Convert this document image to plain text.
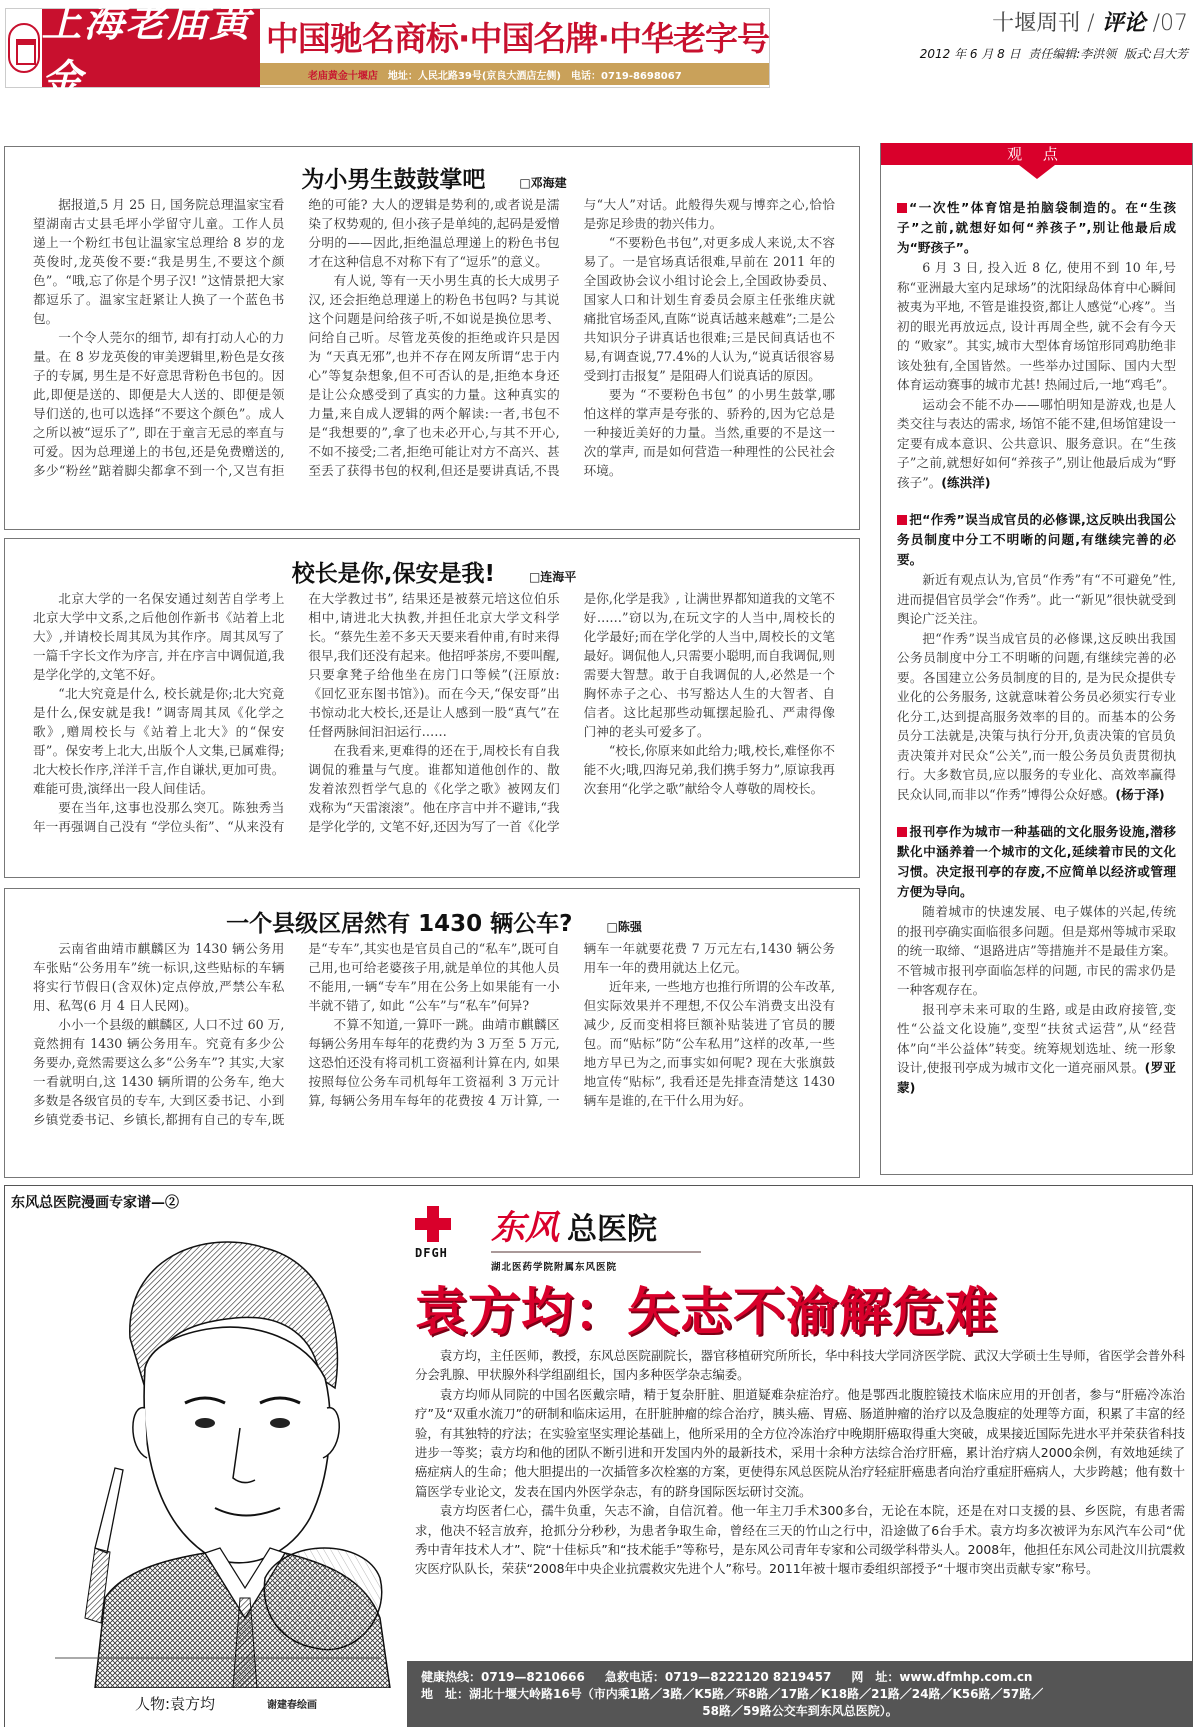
上海老庙黄金
中国驰名商标·中国名牌·中华老字号
老庙黄金十堰店 地址：人民北路39号(京良大酒店左侧) 电话：0719-8698067
十堰周刊 / 评论 /07
2012 年 6 月 8 日 责任编辑:李洪领 版式:吕大芳
为小男生鼓鼓掌吧	□ 邓海建

据报道,5 月 25 日, 国务院总理温家宝看望湖南古丈县毛坪小学留守儿童。工作人员递上一个粉红书包让温家宝总理给 8 岁的龙英俊时,龙英俊不要:“我是男生,不要这个颜色”。“哦,忘了你是个男子汉! ”这情景把大家都逗乐了。温家宝赶紧让人换了一个蓝色书包。

一个令人莞尔的细节, 却有打动人心的力量。在 8 岁龙英俊的审美逻辑里,粉色是女孩子的专属, 男生是不好意思背粉色书包的。因此,即便是送的、即便是大人送的、即便是领导们送的,也可以选择“不要这个颜色”。成人之所以被“逗乐了”, 即在于童言无忌的率直与可爱。因为总理递上的书包,还是免费赠送的,多少“粉丝”踮着脚尖都拿不到一个,又岂有拒绝的可能? 大人的逻辑是势利的,或者说是濡染了权势观的, 但小孩子是单纯的,起码是爱憎分明的——因此,拒绝温总理递上的粉色书包才在这种信息不对称下有了“逗乐”的意义。

有人说, 等有一天小男生真的长大成男子汉, 还会拒绝总理递上的粉色书包吗? 与其说这个问题是问给孩子听,不如说是换位思考、问给自己听。尽管龙英俊的拒绝或许只是因为 “天真无邪”,也并不存在网友所谓“忠于内心”等复杂想象,但不可否认的是,拒绝本身还是让公众感受到了真实的力量。这种真实的力量,来自成人逻辑的两个解读:一者,书包不是“我想要的”,拿了也未必开心,与其不开心,不如不接受;二者,拒绝可能让对方不高兴、甚至丢了获得书包的权利,但还是要讲真话,不畏与“大人”对话。此般得失观与博弈之心,恰恰是弥足珍贵的勃兴伟力。

“不要粉色书包”,对更多成人来说,太不容易了。一是官场真话很难,早前在 2011 年的全国政协会议小组讨论会上,全国政协委员、国家人口和计划生育委员会原主任张维庆就痛批官场歪风,直陈“说真话越来越难”;二是公共知识分子讲真话也很难;三是民间真话也不易,有调查说,77.4%的人认为,“说真话很容易受到打击报复” 是阻碍人们说真话的原因。

要为 “不要粉色书包” 的小男生鼓掌,哪怕这样的掌声是夸张的、骄矜的,因为它总是一种接近美好的力量。当然,重要的不是这一次的掌声, 而是如何营造一种理性的公民社会环境。

校长是你,保安是我!	□ 连海平

北京大学的一名保安通过刻苦自学考上北京大学中文系,之后他创作新书《站着上北大》,并请校长周其凤为其作序。周其凤写了一篇千字长文作为序言, 并在序言中调侃道,我是学化学的,文笔不好。

“北大究竟是什么, 校长就是你;北大究竟是什么,保安就是我! ”调寄周其凤《化学之歌》,赠周校长与《站着上北大》的“保安哥”。保安考上北大,出版个人文集,已属难得;北大校长作序,洋洋千言,作自谦状,更加可贵。难能可贵,演绎出一段人间佳话。

要在当年,这事也没那么突兀。陈独秀当年一再强调自己没有 “学位头衔”、“从来没有在大学教过书”, 结果还是被蔡元培这位伯乐相中,请进北大执教,并担任北京大学文科学长。“蔡先生差不多天天要来看仲甫,有时来得很早,我们还没有起来。他招呼茶房,不要叫醒,只要拿凳子给他坐在房门口等候”(汪原放:《回忆亚东图书馆》)。而在今天,“保安哥”出书惊动北大校长,还是让人感到一股“真气”在任督两脉间汩汩运行……

在我看来,更难得的还在于,周校长有自我调侃的雅量与气度。谁都知道他创作的、散发着浓烈哲学气息的《化学之歌》被网友们戏称为“天雷滚滚”。他在序言中并不避讳,“我是学化学的, 文笔不好,还因为写了一首《化学是你,化学是我》, 让满世界都知道我的文笔不好……”窃以为,在玩文字的人当中,周校长的化学最好;而在学化学的人当中,周校长的文笔最好。调侃他人,只需要小聪明,而自我调侃,则需要大智慧。敢于自我调侃的人,必然是一个胸怀赤子之心、书写豁达人生的大智者、自信者。这比起那些动辄摆起脸孔、严肃得像门神的老头可爱多了。

“校长,你原来如此给力;哦,校长,难怪你不能不火;哦,四海兄弟,我们携手努力”,原谅我再次套用“化学之歌”献给令人尊敬的周校长。

一个县级区居然有 1430 辆公车?	□ 陈强

云南省曲靖市麒麟区为 1430 辆公务用车张贴“公务用车”统一标识,这些贴标的车辆将实行节假日(含双休)定点停放,严禁公车私用、私驾(6 月 4 日人民网)。

小小一个县级的麒麟区, 人口不过 60 万,竟然拥有 1430 辆公务用车。究竟有多少公务要办,竟然需要这么多“公务车”? 其实,大家一看就明白,这 1430 辆所谓的公务车, 绝大多数是各级官员的专车, 大到区委书记、小到乡镇党委书记、乡镇长,都拥有自己的专车,既是“专车”,其实也是官员自己的“私车”,既可自己用,也可给老婆孩子用,就是单位的其他人员不能用,一辆“专车”用在公务上如果能有一小半就不错了, 如此 “公车”与“私车”何异?

不算不知道,一算吓一跳。曲靖市麒麟区每辆公务用车每年的花费约为 3 万至 5 万元, 这恐怕还没有将司机工资福利计算在内, 如果按照每位公务车司机每年工资福利 3 万元计算, 每辆公务用车每年的花费按 4 万计算, 一辆车一年就要花费 7 万元左右,1430 辆公务用车一年的费用就达上亿元。

近年来, 一些地方也推行所谓的公车改革,但实际效果并不理想,不仅公车消费支出没有减少, 反而变相将巨额补贴装进了官员的腰包。而“贴标”防“公车私用”这样的改革,一些地方早已为之,而事实如何呢? 现在大张旗鼓地宣传“贴标”, 我看还是先排查清楚这 1430 辆车是谁的,在干什么用为好。

观 点
“一次性”体育馆是拍脑袋制造的。在“生孩子”之前,就想好如何“养孩子”,别让他最后成为“野孩子”。

6 月 3 日, 投入近 8 亿, 使用不到 10 年,号称“亚洲最大室内足球场”的沈阳绿岛体育中心瞬间被夷为平地, 不管是谁投资,都让人感觉“心疼”。当初的眼光再放远点, 设计再周全些, 就不会有今天的 “败家”。其实,城市大型体育场馆形同鸡肋绝非该处独有,全国皆然。一些举办过国际、国内大型体育运动赛事的城市尤甚! 热闹过后,一地“鸡毛”。

运动会不能不办——哪怕明知是游戏,也是人类交往与表达的需求, 场馆不能不建,但场馆建设一定要有成本意识、公共意识、服务意识。在“生孩子”之前,就想好如何“养孩子”,别让他最后成为“野孩子”。(练洪洋)

把“作秀”误当成官员的必修课,这反映出我国公务员制度中分工不明晰的问题,有继续完善的必要。

新近有观点认为,官员“作秀”有“不可避免”性,进而提倡官员学会“作秀”。此一“新见”很快就受到舆论广泛关注。

把“作秀”误当成官员的必修课,这反映出我国公务员制度中分工不明晰的问题,有继续完善的必要。各国建立公务员制度的目的, 是为民众提供专业化的公务服务, 这就意味着公务员必须实行专业化分工,达到提高服务效率的目的。而基本的公务员分工法就是,决策与执行分开,负责决策的官员负责决策并对民众“公关”,而一般公务员负责贯彻执行。大多数官员,应以服务的专业化、高效率赢得民众认同,而非以“作秀”博得公众好感。(杨于泽)

报刊亭作为城市一种基础的文化服务设施,潜移默化中涵养着一个城市的文化,延续着市民的文化习惯。决定报刊亭的存废,不应简单以经济或管理方便为导向。

随着城市的快速发展、电子媒体的兴起,传统的报刊亭确实面临很多问题。但是郑州等城市采取的统一取缔、“退路进店”等措施并不是最佳方案。不管城市报刊亭面临怎样的问题, 市民的需求仍是一种客观存在。

报刊亭未来可取的生路, 或是由政府接管,变性“公益文化设施”,变型“扶贫式运营”,从“经营体”向“半公益体”转变。统筹规划选址、统一形象设计,使报刊亭成为城市文化一道亮丽风景。(罗亚蒙)

东风总医院漫画专家谱—②
人物:袁方均	谢建春绘画
DFGH
东风 总医院
湖北医药学院附属东风医院
袁方均：矢志不渝解危难

袁方均，主任医师，教授，东风总医院副院长，器官移植研究所所长，华中科技大学同济医学院、武汉大学硕士生导师，省医学会普外科分会乳腺、甲状腺外科学组副组长，国内多种医学杂志编委。

袁方均师从同院的中国名医戴宗晴，精于复杂肝脏、胆道疑难杂症治疗。他是鄂西北腹腔镜技术临床应用的开创者，参与“肝癌冷冻治疗”及“双重水流刀”的研制和临床运用，在肝脏肿瘤的综合治疗，胰头癌、胃癌、肠道肿瘤的治疗以及急腹症的处理等方面，积累了丰富的经验，有其独特的疗法；在实验室坚实理论基础上，他所采用的全方位冷冻治疗中晚期肝癌取得重大突破，成果接近国际先进水平并荣获省科技进步一等奖；袁方均和他的团队不断引进和开发国内外的最新技术，采用十余种方法综合治疗肝癌，累计治疗病人2000余例，有效地延续了癌症病人的生命；他大胆提出的一次插管多次栓塞的方案，更使得东风总医院从治疗轻症肝癌患者向治疗重症肝癌病人，大步跨越；他有数十篇医学专业论文，发表在国内外医学杂志，有的跻身国际医坛研讨交流。

袁方均医者仁心，孺牛负重，矢志不渝，自信沉着。他一年主刀手术300多台，无论在本院，还是在对口支援的县、乡医院，有患者需求，他决不轻言放弃，抢抓分分秒秒，为患者争取生命，曾经在三天的竹山之行中，沿途做了6台手术。袁方均多次被评为东风汽车公司“优秀中青年技术人才”、院“十佳标兵”和“技术能手”等称号，是东风公司青年专家和公司级学科带头人。2008年，他担任东风公司赴汶川抗震救灾医疗队队长，荣获“2008年中央企业抗震救灾先进个人”称号。2011年被十堰市委组织部授予“十堰市突出贡献专家”称号。

健康热线：0719—8210666 急救电话：0719—8222120 8219457 网　址：www.dfmhp.com.cn
地　址：湖北十堰大岭路16号（市内乘1路／3路／K5路／环8路／17路／K18路／21路／24路／K56路／57路／
58路／59路公交车到东风总医院）。
